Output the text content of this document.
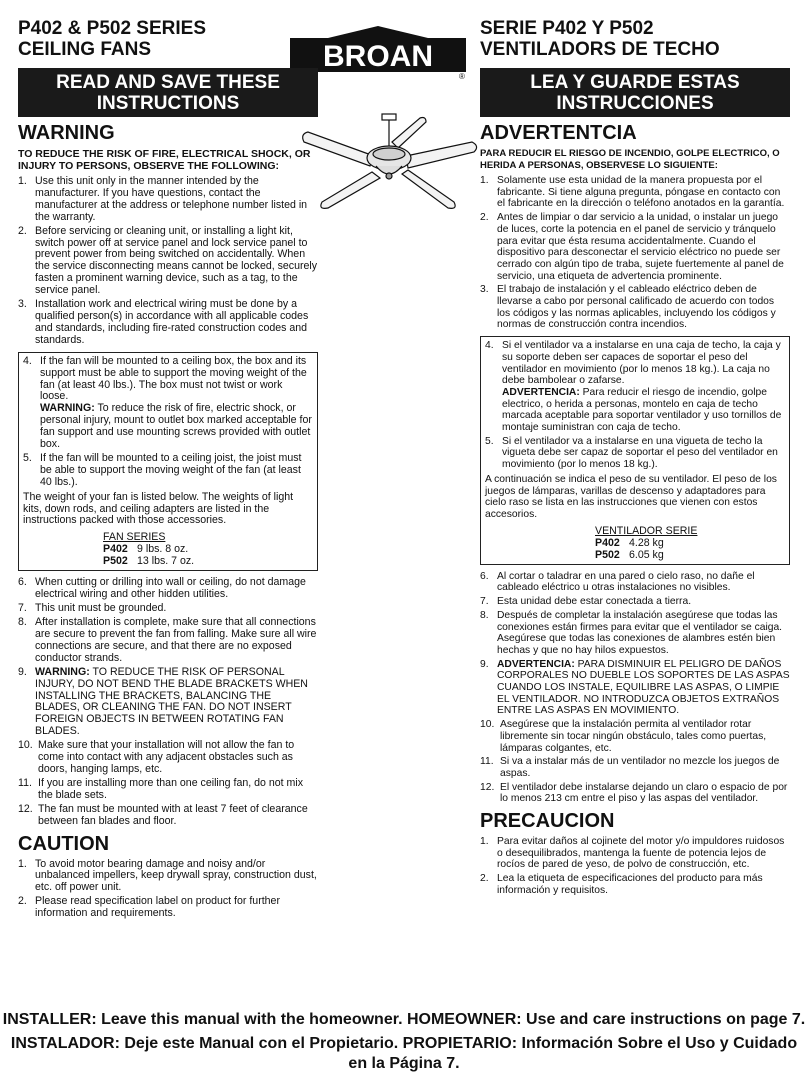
BROAN
®

P402 & P502 SERIES
CEILING FANS

READ AND SAVE THESE
INSTRUCTIONS
WARNING
TO REDUCE THE RISK OF FIRE, ELECTRICAL SHOCK, OR INJURY TO PERSONS, OBSERVE THE FOLLOWING:
1. Use this unit only in the manner intended by the manufacturer. If you have questions, contact the manufacturer at the address or telephone number listed in the warranty.
2. Before servicing or cleaning unit, or installing a light kit, switch power off at service panel and lock service panel to prevent power from being switched on accidentally. When the service disconnecting means cannot be locked, securely fasten a prominent warning device, such as a tag, to the service panel.
3. Installation work and electrical wiring must be done by a qualified person(s) in accordance with all applicable codes and standards, including fire-rated construction codes and standards.
4. If the fan will be mounted to a ceiling box, the box and its support must be able to support the moving weight of the fan (at least 40 lbs.). The box must not twist or work loose.
WARNING: To reduce the risk of fire, electric shock, or personal injury, mount to outlet box marked acceptable for fan support and use mounting screws provided with outlet box.
5. If the fan will be mounted to a ceiling joist, the joist must be able to support the moving weight of the fan (at least 40 lbs.).

The weight of your fan is listed below. The weights of light kits, down rods, and ceiling adapters are listed in the instructions packed with those accessories.

FAN SERIES
P402 9 lbs. 8 oz.
P502 13 lbs. 7 oz.
6. When cutting or drilling into wall or ceiling, do not damage electrical wiring and other hidden utilities.
7. This unit must be grounded.
8. After installation is complete, make sure that all connections are secure to prevent the fan from falling. Make sure all wire connections are secure, and that there are no exposed conductor strands.
9. WARNING: TO REDUCE THE RISK OF PERSONAL INJURY, DO NOT BEND THE BLADE BRACKETS WHEN INSTALLING THE BRACKETS, BALANCING THE BLADES, OR CLEANING THE FAN. DO NOT INSERT FOREIGN OBJECTS IN BETWEEN ROTATING FAN BLADES.
10. Make sure that your installation will not allow the fan to come into contact with any adjacent obstacles such as doors, hanging lamps, etc.
11. If you are installing more than one ceiling fan, do not mix the blade sets.
12. The fan must be mounted with at least 7 feet of clearance between fan blades and floor.
CAUTION
1. To avoid motor bearing damage and noisy and/or unbalanced impellers, keep drywall spray, construction dust, etc. off power unit.
2. Please read specification label on product for further information and requirements.

SERIE P402 Y P502
VENTILADORS DE TECHO

LEA Y GUARDE ESTAS
INSTRUCCIONES
ADVERTENTCIA
PARA REDUCIR EL RIESGO DE INCENDIO, GOLPE ELECTRICO, O HERIDA A PERSONAS, OBSERVESE LO SIGUIENTE:
1. Solamente use esta unidad de la manera propuesta por el fabricante. Si tiene alguna pregunta, póngase en contacto con el fabricante en la dirección o teléfono anotados en la garantía.
2. Antes de limpiar o dar servicio a la unidad, o instalar un juego de luces, corte la potencia en el panel de servicio y tránquelo para evitar que ésta resuma accidentalmente. Cuando el dispositivo para desconectar el servicio eléctrico no puede ser cerrado con algún tipo de traba, sujete fuertemente al panel de servicio, una etiqueta de advertencia prominente.
3. El trabajo de instalación y el cableado eléctrico deben de llevarse a cabo por personal calificado de acuerdo con todos los códigos y las normas aplicables, incluyendo los códigos y normas de construcción contra incendios.
4. Si el ventilador va a instalarse en una caja de techo, la caja y su soporte deben ser capaces de soportar el peso del ventilador en movimiento (por lo menos 18 kg.). La caja no debe bambolear o zafarse.
ADVERTENCIA: Para reducir el riesgo de incendio, golpe electrico, o herida a personas, montelo en caja de techo marcada aceptable para soportar ventilador y uso tornillos de montaje suministran con caja de techo.
5. Si el ventilador va a instalarse en una vigueta de techo la vigueta debe ser capaz de soportar el peso del ventilador en movimiento (por lo menos 18 kg.).

A continuación se indica el peso de su ventilador. El peso de los juegos de lámparas, varillas de descenso y adaptadores para cielo raso se lista en las instrucciones que vienen con estos accesorios.

VENTILADOR SERIE
P402 4.28 kg
P502 6.05 kg
6. Al cortar o taladrar en una pared o cielo raso, no dañe el cableado eléctrico u otras instalaciones no visibles.
7. Esta unidad debe estar conectada a tierra.
8. Después de completar la instalación asegúrese que todas las conexiones están firmes para evitar que el ventilador se caiga. Asegúrese que todas las conexiones de alambres estén bien hechas y que no hay hilos expuestos.
9. ADVERTENCIA: PARA DISMINUIR EL PELIGRO DE DAÑOS CORPORALES NO DUEBLE LOS SOPORTES DE LAS ASPAS CUANDO LOS INSTALE, EQUILIBRE LAS ASPAS, O LIMPIE EL VENTILADOR. NO INTRODUZCA OBJETOS EXTRAÑOS ENTRE LAS ASPAS EN MOVIMIENTO.
10. Asegúrese que la instalación permita al ventilador rotar libremente sin tocar ningún obstáculo, tales como puertas, lámparas colgantes, etc.
11. Si va a instalar más de un ventilador no mezcle los juegos de aspas.
12. El ventilador debe instalarse dejando un claro o espacio de por lo menos 213 cm entre el piso y las aspas del ventilador.
PRECAUCION
1. Para evitar daños al cojinete del motor y/o impuldores ruidosos o desequilibrados, mantenga la fuente de potencia lejos de rocíos de pared de yeso, de polvo de construcción, etc.
2. Lea la etiqueta de especificaciones del producto para más información y requisitos.
INSTALLER: Leave this manual with the homeowner. HOMEOWNER: Use and care instructions on page 7.
INSTALADOR: Deje este Manual con el Propietario. PROPIETARIO: Información Sobre el Uso y Cuidado en la Página 7.
